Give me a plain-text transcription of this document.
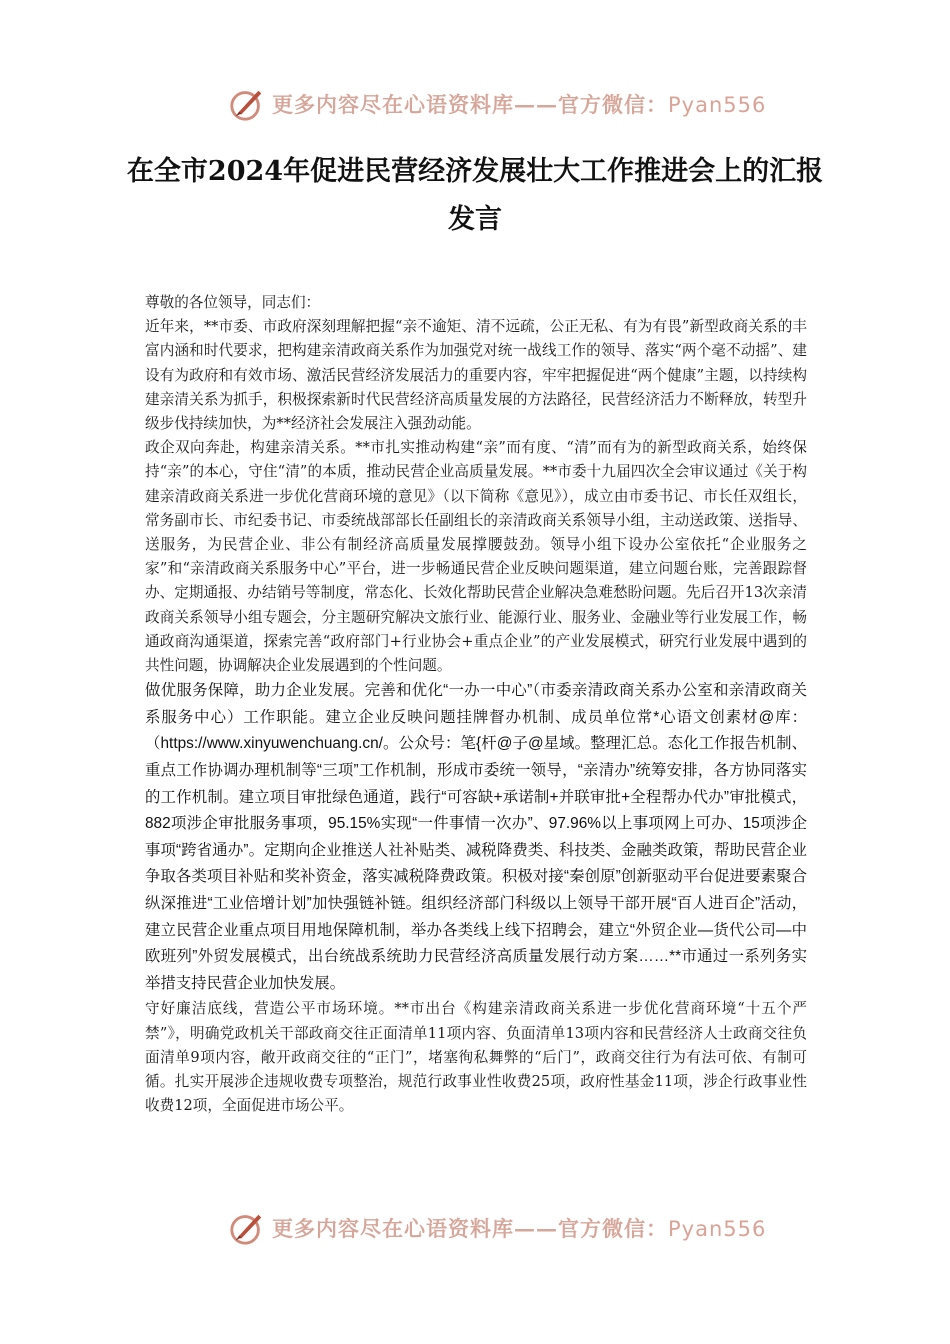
更多内容尽在心语资料库——官方微信：Pyan556
在全市2024年促进民营经济发展壮大工作推进会上的汇报发言

尊敬的各位领导，同志们：

近年来，**市委、市政府深刻理解把握“亲不逾矩、清不远疏，公正无私、有为有畏”新型政商关系的丰富内涵和时代要求，把构建亲清政商关系作为加强党对统一战线工作的领导、落实“两个毫不动摇”、建设有为政府和有效市场、激活民营经济发展活力的重要内容，牢牢把握促进“两个健康”主题，以持续构建亲清关系为抓手，积极探索新时代民营经济高质量发展的方法路径，民营经济活力不断释放，转型升级步伐持续加快，为**经济社会发展注入强劲动能。

政企双向奔赴，构建亲清关系。**市扎实推动构建“亲”而有度、“清”而有为的新型政商关系，始终保持“亲”的本心，守住“清”的本质，推动民营企业高质量发展。**市委十九届四次全会审议通过《关于构建亲清政商关系进一步优化营商环境的意见》（以下简称《意见》），成立由市委书记、市长任双组长，常务副市长、市纪委书记、市委统战部部长任副组长的亲清政商关系领导小组，主动送政策、送指导、送服务，为民营企业、非公有制经济高质量发展撑腰鼓劲。领导小组下设办公室依托“企业服务之家”和“亲清政商关系服务中心”平台，进一步畅通民营企业反映问题渠道，建立问题台账，完善跟踪督办、定期通报、办结销号等制度，常态化、长效化帮助民营企业解决急难愁盼问题。先后召开13次亲清政商关系领导小组专题会，分主题研究解决文旅行业、能源行业、服务业、金融业等行业发展工作，畅通政商沟通渠道，探索完善“政府部门+行业协会+重点企业”的产业发展模式，研究行业发展中遇到的共性问题，协调解决企业发展遇到的个性问题。

做优服务保障，助力企业发展。完善和优化“一办一中心”（市委亲清政商关系办公室和亲清政商关系服务中心）工作职能。建立企业反映问题挂牌督办机制、成员单位常*心语文创素材@库：（https://www.xinyuwenchuang.cn/。公众号：笔{杆@子@星域。整理汇总。态化工作报告机制、重点工作协调办理机制等“三项”工作机制，形成市委统一领导，“亲清办”统筹安排，各方协同落实的工作机制。建立项目审批绿色通道，践行“可容缺+承诺制+并联审批+全程帮办代办”审批模式，882项涉企审批服务事项，95.15%实现“一件事情一次办”、97.96%以上事项网上可办、15项涉企事项“跨省通办”。定期向企业推送人社补贴类、减税降费类、科技类、金融类政策，帮助民营企业争取各类项目补贴和奖补资金，落实减税降费政策。积极对接“秦创原”创新驱动平台促进要素聚合纵深推进“工业倍增计划”加快强链补链。组织经济部门科级以上领导干部开展“百人进百企”活动，建立民营企业重点项目用地保障机制，举办各类线上线下招聘会，建立“外贸企业—货代公司—中欧班列”外贸发展模式，出台统战系统助力民营经济高质量发展行动方案……**市通过一系列务实举措支持民营企业加快发展。

守好廉洁底线，营造公平市场环境。**市出台《构建亲清政商关系进一步优化营商环境“十五个严禁”》，明确党政机关干部政商交往正面清单11项内容、负面清单13项内容和民营经济人士政商交往负面清单9项内容，敞开政商交往的“正门”，堵塞徇私舞弊的“后门”，政商交往行为有法可依、有制可循。扎实开展涉企违规收费专项整治，规范行政事业性收费25项，政府性基金11项，涉企行政事业性收费12项，全面促进市场公平。

更多内容尽在心语资料库——官方微信：Pyan556
